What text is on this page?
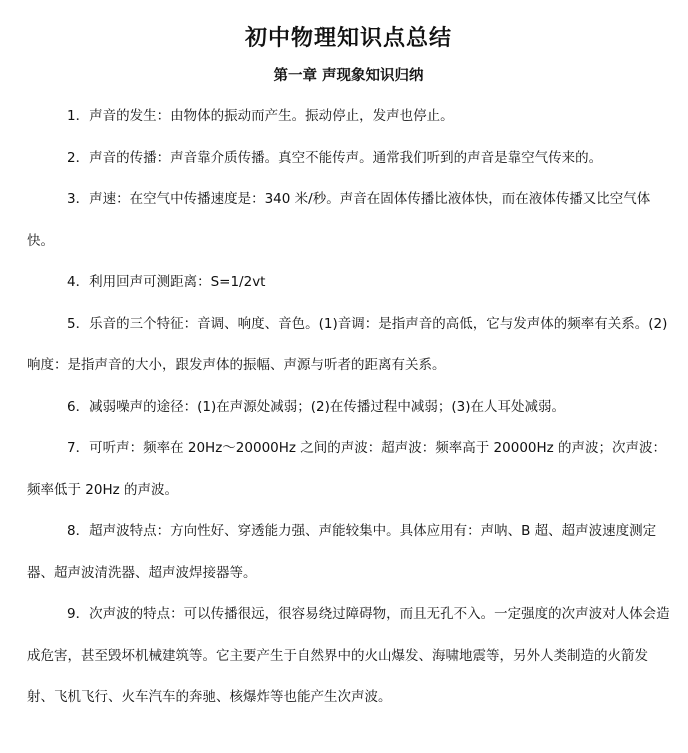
初中物理知识点总结
第一章 声现象知识归纳

1．声音的发生：由物体的振动而产生。振动停止，发声也停止。

2．声音的传播：声音靠介质传播。真空不能传声。通常我们听到的声音是靠空气传来的。

3．声速：在空气中传播速度是：340 米/秒。声音在固体传播比液体快，而在液体传播又比空气体快。

4．利用回声可测距离：S=1/2vt

5．乐音的三个特征：音调、响度、音色。(1)音调：是指声音的高低，它与发声体的频率有关系。(2)响度：是指声音的大小，跟发声体的振幅、声源与听者的距离有关系。

6．减弱噪声的途径：(1)在声源处减弱；(2)在传播过程中减弱；(3)在人耳处减弱。

7．可听声：频率在 20Hz～20000Hz 之间的声波：超声波：频率高于 20000Hz 的声波；次声波：频率低于 20Hz 的声波。

8．超声波特点：方向性好、穿透能力强、声能较集中。具体应用有：声呐、B 超、超声波速度测定器、超声波清洗器、超声波焊接器等。

9．次声波的特点：可以传播很远，很容易绕过障碍物，而且无孔不入。一定强度的次声波对人体会造成危害，甚至毁坏机械建筑等。它主要产生于自然界中的火山爆发、海啸地震等，另外人类制造的火箭发射、飞机飞行、火车汽车的奔驰、核爆炸等也能产生次声波。
